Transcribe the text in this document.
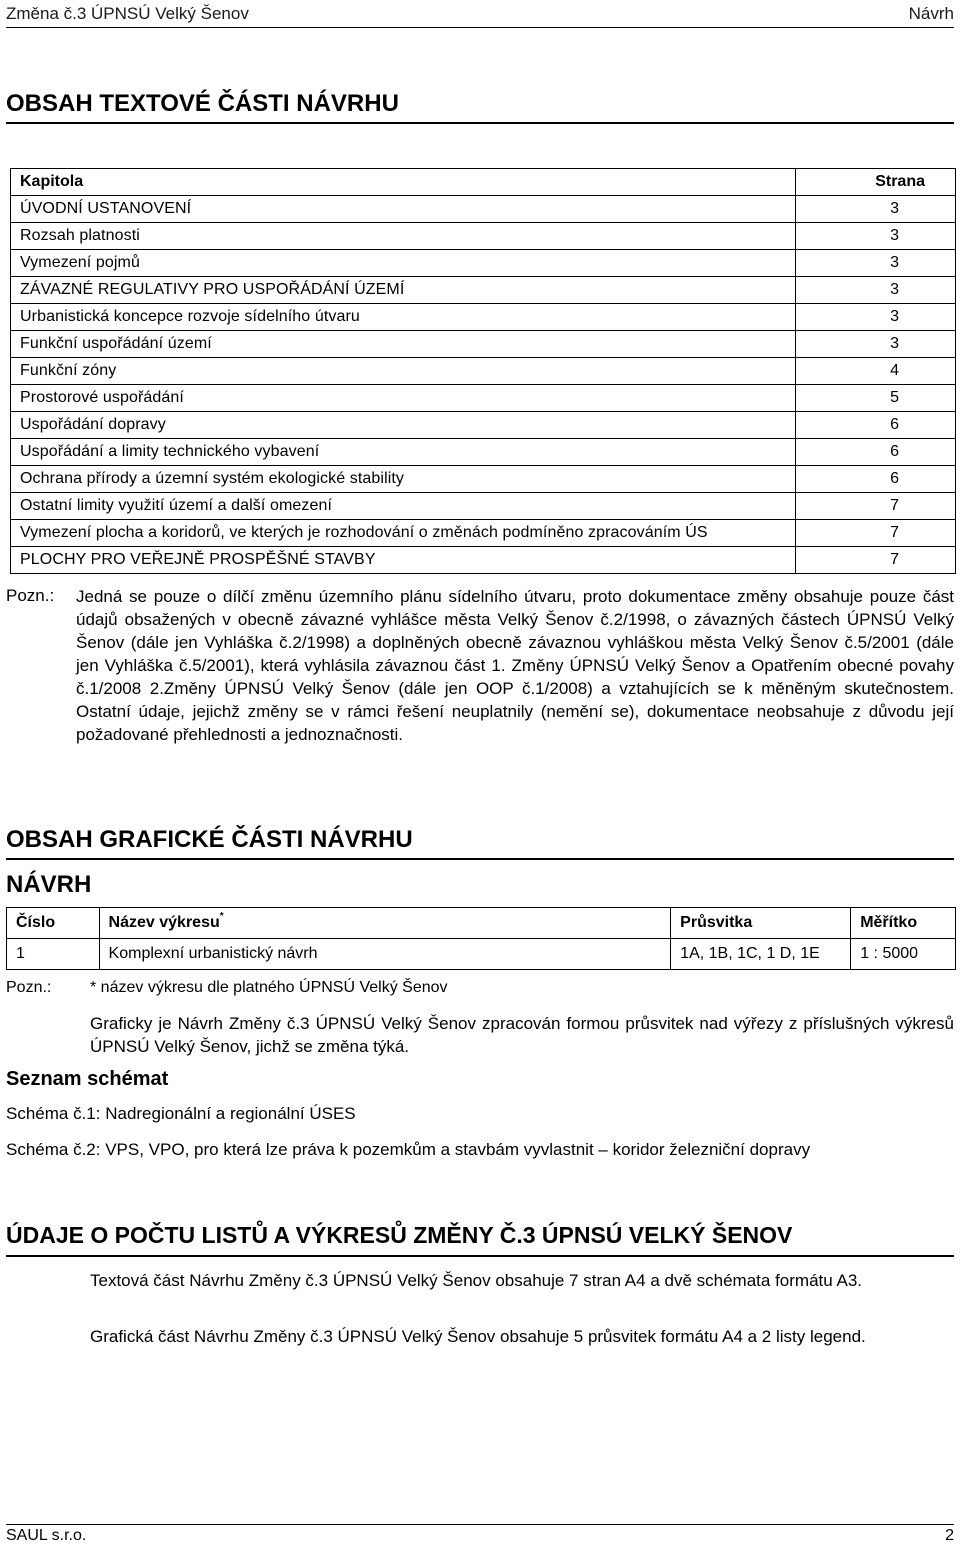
Změna č.3 ÚPNSÚ Velký Šenov	Návrh
OBSAH TEXTOVÉ ČÁSTI NÁVRHU
Kapitola	Strana
ÚVODNÍ USTANOVENÍ	3
Rozsah platnosti	3
Vymezení pojmů	3
ZÁVAZNÉ REGULATIVY PRO USPOŘÁDÁNÍ ÚZEMÍ	3
Urbanistická koncepce rozvoje sídelního útvaru	3
Funkční uspořádání území	3
Funkční zóny	4
Prostorové uspořádání	5
Uspořádání dopravy	6
Uspořádání a limity technického vybavení	6
Ochrana přírody a územní systém ekologické stability	6
Ostatní limity využití území a další omezení	7
Vymezení plocha a koridorů, ve kterých je rozhodování o změnách podmíněno zpracováním ÚS	7
PLOCHY PRO VEŘEJNĚ PROSPĚŠNÉ STAVBY	7
Pozn.: Jedná se pouze o dílčí změnu územního plánu sídelního útvaru, proto dokumentace změny obsahuje pouze část údajů obsažených v obecně závazné vyhlášce města Velký Šenov č.2/1998, o závazných částech ÚPNSÚ Velký Šenov (dále jen Vyhláška č.2/1998) a doplněných obecně závaznou vyhláškou města Velký Šenov č.5/2001 (dále jen Vyhláška č.5/2001), která vyhlásila závaznou část 1. Změny ÚPNSÚ Velký Šenov a Opatřením obecné povahy č.1/2008 2.Změny ÚPNSÚ Velký Šenov (dále jen OOP č.1/2008) a vztahujících se k měněným skutečnostem. Ostatní údaje, jejichž změny se v rámci řešení neuplatnily (nemění se), dokumentace neobsahuje z důvodu její požadované přehlednosti a jednoznačnosti.
OBSAH GRAFICKÉ ČÁSTI NÁVRHU
NÁVRH
Číslo	Název výkresu*	Průsvitka	Měřítko
1	Komplexní urbanistický návrh	1A, 1B, 1C, 1 D, 1E	1 : 5000
Pozn.: * název výkresu dle platného ÚPNSÚ Velký Šenov
Graficky je Návrh Změny č.3 ÚPNSÚ Velký Šenov zpracován formou průsvitek nad výřezy z příslušných výkresů ÚPNSÚ Velký Šenov, jichž se změna týká.
Seznam schémat
Schéma č.1: Nadregionální a regionální ÚSES
Schéma č.2: VPS, VPO, pro která lze práva k pozemkům a stavbám vyvlastnit – koridor železniční dopravy
ÚDAJE O POČTU LISTŮ A VÝKRESŮ ZMĚNY Č.3 ÚPNSÚ VELKÝ ŠENOV
Textová část Návrhu Změny č.3 ÚPNSÚ Velký Šenov obsahuje 7 stran A4 a dvě schémata formátu A3.
Grafická část Návrhu Změny č.3 ÚPNSÚ Velký Šenov obsahuje 5 průsvitek formátu A4 a 2 listy legend.
SAUL s.r.o.	2
